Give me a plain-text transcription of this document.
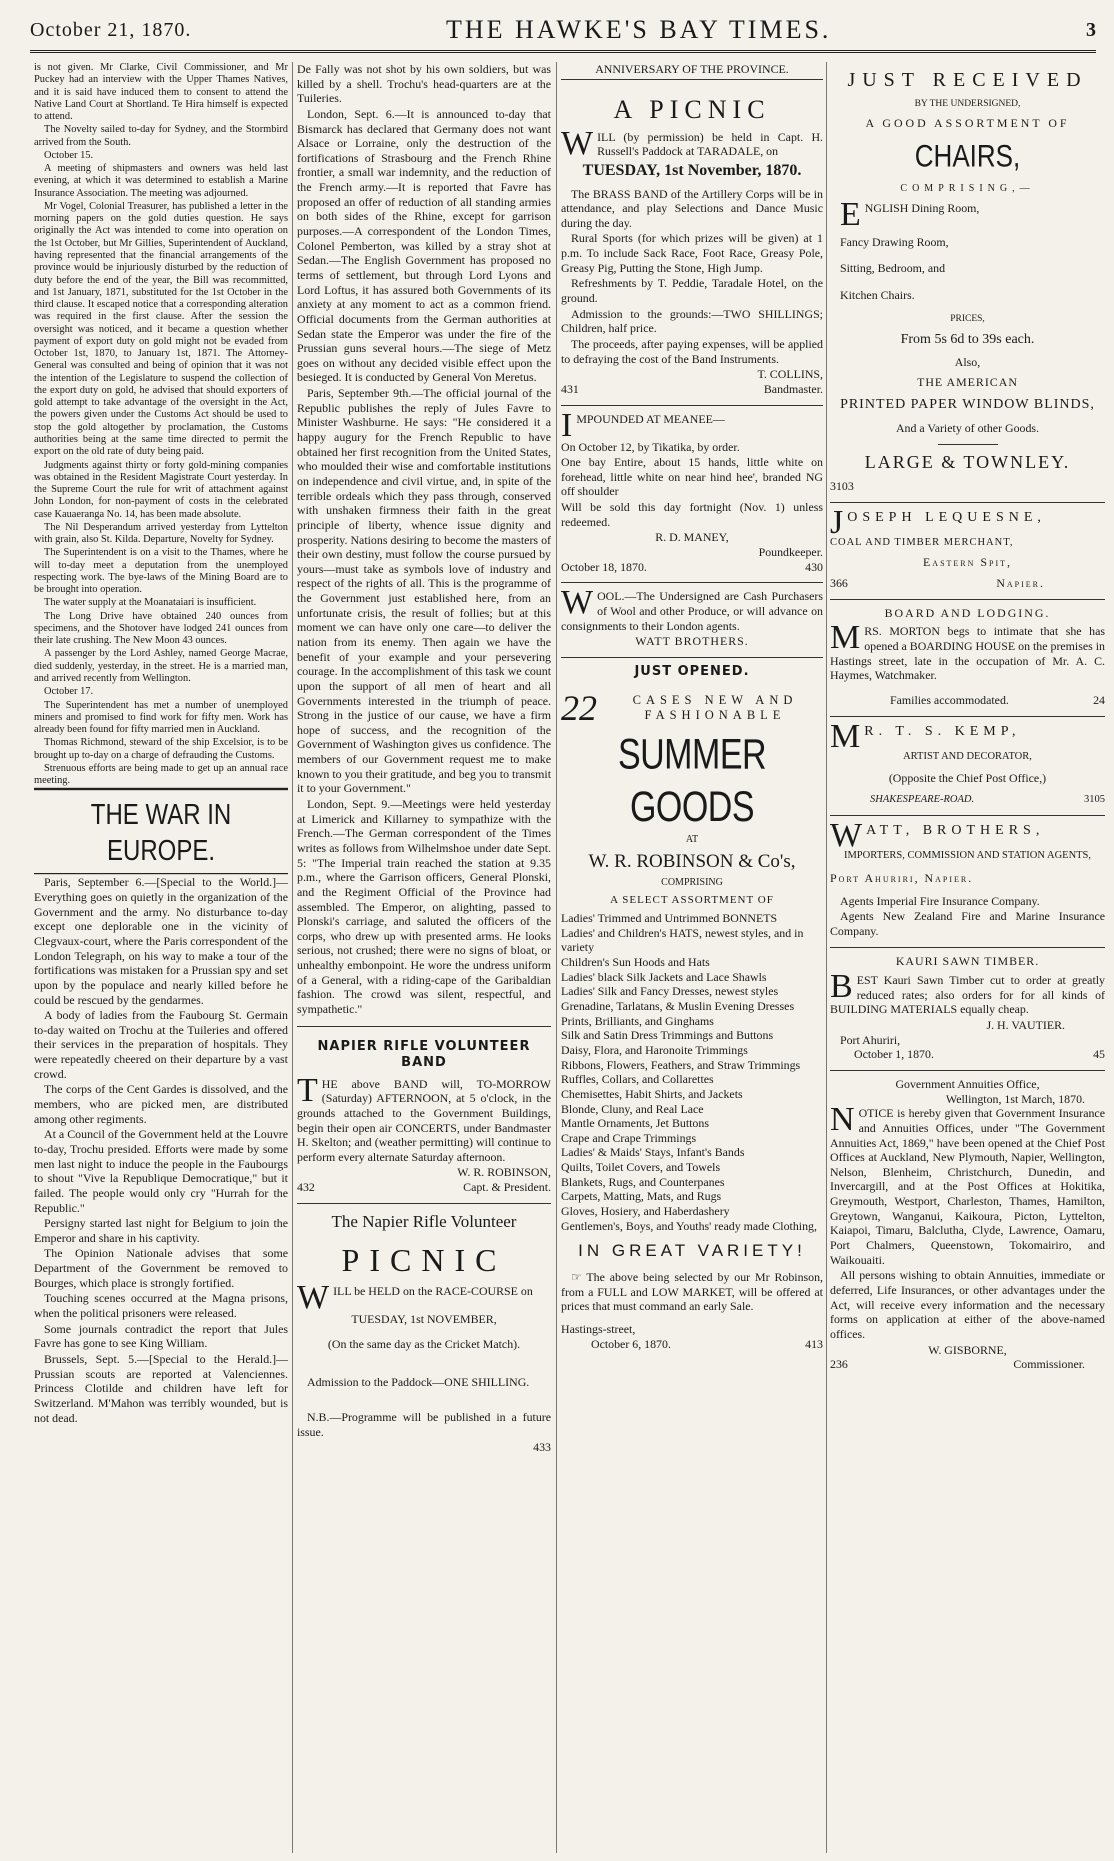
October 21, 1870.	THE HAWKE'S BAY TIMES.	3

is not given. Mr Clarke, Civil Commissioner, and Mr Puckey had an interview with the Upper Thames Natives, and it is said have induced them to consent to attend the Native Land Court at Shortland. Te Hira himself is expected to attend.

The Novelty sailed to-day for Sydney, and the Stormbird arrived from the South.

October 15.

A meeting of shipmasters and owners was held last evening, at which it was determined to establish a Marine Insurance Association. The meeting was adjourned.

Mr Vogel, Colonial Treasurer, has published a letter in the morning papers on the gold duties question. He says originally the Act was intended to come into operation on the 1st October, but Mr Gillies, Superintendent of Auckland, having represented that the financial arrangements of the province would be injuriously disturbed by the reduction of duty before the end of the year, the Bill was recommitted, and 1st January, 1871, substituted for the 1st October in the third clause. It escaped notice that a corresponding alteration was required in the first clause. After the session the oversight was noticed, and it became a question whether payment of export duty on gold might not be evaded from October 1st, 1870, to January 1st, 1871. The Attorney-General was consulted and being of opinion that it was not the intention of the Legislature to suspend the collection of the export duty on gold, he advised that should exporters of gold attempt to take advantage of the oversight in the Act, the powers given under the Customs Act should be used to stop the gold altogether by proclamation, the Customs authorities being at the same time directed to permit the export on the old rate of duty being paid.

Judgments against thirty or forty gold-mining companies was obtained in the Resident Magistrate Court yesterday. In the Supreme Court the rule for writ of attachment against John London, for non-payment of costs in the celebrated case Kauaeranga No. 14, has been made absolute.

The Nil Desperandum arrived yesterday from Lyttelton with grain, also St. Kilda. Departure, Novelty for Sydney.

The Superintendent is on a visit to the Thames, where he will to-day meet a deputation from the unemployed respecting work. The bye-laws of the Mining Board are to be brought into operation.

The water supply at the Moanataiari is insufficient.

The Long Drive have obtained 240 ounces from specimens, and the Shotover have lodged 241 ounces from their late crushing. The New Moon 43 ounces.

A passenger by the Lord Ashley, named George Macrae, died suddenly, yesterday, in the street. He is a married man, and arrived recently from Wellington.

October 17.

The Superintendent has met a number of unemployed miners and promised to find work for fifty men. Work has already been found for fifty married men in Auckland.

Thomas Richmond, steward of the ship Excelsior, is to be brought up to-day on a charge of defrauding the Customs.

Strenuous efforts are being made to get up an annual race meeting.

THE WAR IN EUROPE.

Paris, September 6.—[Special to the World.]—Everything goes on quietly in the organization of the Government and the army. No disturbance to-day except one deplorable one in the vicinity of Clegvaux-court, where the Paris correspondent of the London Telegraph, on his way to make a tour of the fortifications was mistaken for a Prussian spy and set upon by the populace and nearly killed before he could be rescued by the gendarmes.

A body of ladies from the Faubourg St. Germain to-day waited on Trochu at the Tuileries and offered their services in the preparation of hospitals. They were repeatedly cheered on their departure by a vast crowd.

The corps of the Cent Gardes is dissolved, and the members, who are picked men, are distributed among other regiments.

At a Council of the Government held at the Louvre to-day, Trochu presided. Efforts were made by some men last night to induce the people in the Faubourgs to shout "Vive la Republique Democratique," but it failed. The people would only cry "Hurrah for the Republic."

Persigny started last night for Belgium to join the Emperor and share in his captivity.

The Opinion Nationale advises that some Department of the Government be removed to Bourges, which place is strongly fortified.

Touching scenes occurred at the Magna prisons, when the political prisoners were released.

Some journals contradict the report that Jules Favre has gone to see King William.

Brussels, Sept. 5.—[Special to the Herald.]—Prussian scouts are reported at Valenciennes. Princess Clotilde and children have left for Switzerland. M'Mahon was terribly wounded, but is not dead.

De Fally was not shot by his own soldiers, but was killed by a shell. Trochu's head-quarters are at the Tuileries.

London, Sept. 6.—It is announced to-day that Bismarck has declared that Germany does not want Alsace or Lorraine, only the destruction of the fortifications of Strasbourg and the French Rhine frontier, a small war indemnity, and the reduction of the French army.—It is reported that Favre has proposed an offer of reduction of all standing armies on both sides of the Rhine, except for garrison purposes.—A correspondent of the London Times, Colonel Pemberton, was killed by a stray shot at Sedan.—The English Government has proposed no terms of settlement, but through Lord Lyons and Lord Loftus, it has assured both Governments of its anxiety at any moment to act as a common friend. Official documents from the German authorities at Sedan state the Emperor was under the fire of the Prussian guns several hours.—The siege of Metz goes on without any decided visible effect upon the besieged. It is conducted by General Von Meretus.

Paris, September 9th.—The official journal of the Republic publishes the reply of Jules Favre to Minister Washburne. He says: "He considered it a happy augury for the French Republic to have obtained her first recognition from the United States, who moulded their wise and comfortable institutions on independence and civil virtue, and, in spite of the terrible ordeals which they pass through, conserved with unshaken firmness their faith in the great principle of liberty, whence issue dignity and prosperity. Nations desiring to become the masters of their own destiny, must follow the course pursued by yours—must take as symbols love of industry and respect of the rights of all. This is the programme of the Government just established here, from an unfortunate crisis, the result of follies; but at this moment we can have only one care—to deliver the nation from its enemy. Then again we have the benefit of your example and your persevering courage. In the accomplishment of this task we count upon the support of all men of heart and all Governments interested in the triumph of peace. Strong in the justice of our cause, we have a firm hope of success, and the recognition of the Government of Washington gives us confidence. The members of our Government request me to make known to you their gratitude, and beg you to transmit it to your Government."

London, Sept. 9.—Meetings were held yesterday at Limerick and Killarney to sympathize with the French.—The German correspondent of the Times writes as follows from Wilhelmshoe under date Sept. 5: "The Imperial train reached the station at 9.35 p.m., where the Garrison officers, General Plonski, and the Regiment Official of the Province had assembled. The Emperor, on alighting, passed to Plonski's carriage, and saluted the officers of the corps, who drew up with presented arms. He looks serious, not crushed; there were no signs of bloat, or unhealthy embonpoint. He wore the undress uniform of a General, with a riding-cape of the Garibaldian fashion. The crowd was silent, respectful, and sympathetic."

NAPIER RIFLE VOLUNTEER BAND

THE above BAND will, TO-MORROW (Saturday) AFTERNOON, at 5 o'clock, in the grounds attached to the Government Buildings, begin their open air CONCERTS, under Bandmaster H. Skelton; and (weather permitting) will continue to perform every alternate Saturday afternoon.

W. R. ROBINSON,
432	Capt. & President.
The Napier Rifle Volunteer
PICNIC

WILL be HELD on the RACE-COURSE on

TUESDAY, 1st NOVEMBER,
(On the same day as the Cricket Match).

Admission to the Paddock—ONE SHILLING.

N.B.—Programme will be published in a future issue.

433
ANNIVERSARY OF THE PROVINCE.
A PICNIC

WILL (by permission) be held in Capt. H. Russell's Paddock at TARADALE, on

TUESDAY, 1st November, 1870.

The BRASS BAND of the Artillery Corps will be in attendance, and play Selections and Dance Music during the day.

Rural Sports (for which prizes will be given) at 1 p.m. To include Sack Race, Foot Race, Greasy Pole, Greasy Pig, Putting the Stone, High Jump.

Refreshments by T. Peddie, Taradale Hotel, on the ground.

Admission to the grounds:—TWO SHILLINGS; Children, half price.

The proceeds, after paying expenses, will be applied to defraying the cost of the Band Instruments.

T. COLLINS,
431	Bandmaster.

IMPOUNDED AT MEANEE—

On October 12, by Tikatika, by order.

One bay Entire, about 15 hands, little white on forehead, little white on near hind hee', branded NG off shoulder

Will be sold this day fortnight (Nov. 1) unless redeemed.

R. D. MANEY,
Poundkeeper.
October 18, 1870.	430

WOOL.—The Undersigned are Cash Purchasers of Wool and other Produce, or will advance on consignments to their London agents.

WATT BROTHERS.
JUST OPENED.
22	CASES NEW AND FASHIONABLE
SUMMER GOODS
AT
W. R. ROBINSON & Co's,
COMPRISING
A SELECT ASSORTMENT OF
Ladies' Trimmed and Untrimmed BONNETS
Ladies' and Children's HATS, newest styles, and in variety
Children's Sun Hoods and Hats
Ladies' black Silk Jackets and Lace Shawls
Ladies' Silk and Fancy Dresses, newest styles
Grenadine, Tarlatans, & Muslin Evening Dresses
Prints, Brilliants, and Ginghams
Silk and Satin Dress Trimmings and Buttons
Daisy, Flora, and Haronoite Trimmings
Ribbons, Flowers, Feathers, and Straw Trimmings
Ruffles, Collars, and Collarettes
Chemisettes, Habit Shirts, and Jackets
Blonde, Cluny, and Real Lace
Mantle Ornaments, Jet Buttons
Crape and Crape Trimmings
Ladies' & Maids' Stays, Infant's Bands
Quilts, Toilet Covers, and Towels
Blankets, Rugs, and Counterpanes
Carpets, Matting, Mats, and Rugs
Gloves, Hosiery, and Haberdashery
Gentlemen's, Boys, and Youths' ready made Clothing,
IN GREAT VARIETY!

☞ The above being selected by our Mr Robinson, from a FULL and LOW MARKET, will be offered at prices that must command an early Sale.

Hastings-street,
October 6, 1870.	413
JUST RECEIVED
BY THE UNDERSIGNED,
A GOOD ASSORTMENT OF
CHAIRS,
COMPRISING,—
ENGLISH Dining Room,
Fancy Drawing Room,
Sitting, Bedroom, and
Kitchen Chairs.
PRICES,
From 5s 6d to 39s each.
Also,
THE AMERICAN
PRINTED PAPER WINDOW BLINDS,
And a Variety of other Goods.
LARGE & TOWNLEY.
3103
JOSEPH LEQUESNE,
COAL AND TIMBER MERCHANT,
Eastern Spit,
366	Napier.
BOARD AND LODGING.

MRS. MORTON begs to intimate that she has opened a BOARDING HOUSE on the premises in Hastings street, late in the occupation of Mr. A. C. Haymes, Watchmaker.

Families accommodated.	24
M R. T. S. KEMP,
ARTIST AND DECORATOR,
(Opposite the Chief Post Office,)
SHAKESPEARE-ROAD.	3105
WATT, BROTHERS,
IMPORTERS, COMMISSION AND STATION AGENTS,
Port Ahuriri, Napier.

Agents Imperial Fire Insurance Company.

Agents New Zealand Fire and Marine Insurance Company.

KAURI SAWN TIMBER.

BEST Kauri Sawn Timber cut to order at greatly reduced rates; also orders for for all kinds of BUILDING MATERIALS equally cheap.

J. H. VAUTIER.
Port Ahuriri,
October 1, 1870.	45
Government Annuities Office,
Wellington, 1st March, 1870.

NOTICE is hereby given that Government Insurance and Annuities Offices, under "The Government Annuities Act, 1869," have been opened at the Chief Post Offices at Auckland, New Plymouth, Napier, Wellington, Nelson, Blenheim, Christchurch, Dunedin, and Invercargill, and at the Post Offices at Hokitika, Greymouth, Westport, Charleston, Thames, Hamilton, Greytown, Wanganui, Kaikoura, Picton, Lyttelton, Kaiapoi, Timaru, Balclutha, Clyde, Lawrence, Oamaru, Port Chalmers, Queenstown, Tokomairiro, and Waikouaiti.

All persons wishing to obtain Annuities, immediate or deferred, Life Insurances, or other advantages under the Act, will receive every information and the necessary forms on application at either of the above-named offices.

W. GISBORNE,
236	Commissioner.
